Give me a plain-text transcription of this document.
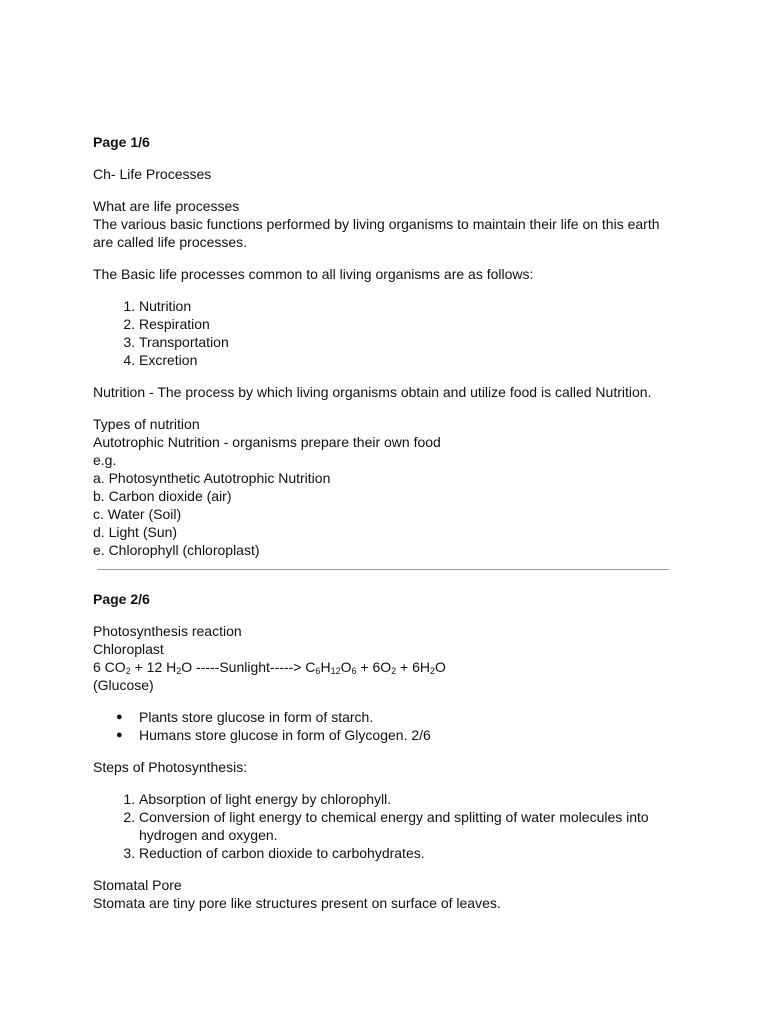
Page 1/6

Ch- Life Processes

What are life processes

The various basic functions performed by living organisms to maintain their life on this earth are called life processes.

The Basic life processes common to all living organisms are as follows:

1. Nutrition
2. Respiration
3. Transportation
4. Excretion

Nutrition - The process by which living organisms obtain and utilize food is called Nutrition.

Types of nutrition

Autotrophic Nutrition - organisms prepare their own food

e.g.

a. Photosynthetic Autotrophic Nutrition

b. Carbon dioxide (air)

c. Water (Soil)

d. Light (Sun)

e. Chlorophyll (chloroplast)

Page 2/6

Photosynthesis reaction

Chloroplast

6 $CO_2 + 12$ $H_2O$ -----Sunlight-----> $C_6H_{12}O_6 + 6O_2 + 6H_2O$

(Glucose)

● Plants store glucose in form of starch.
● Humans store glucose in form of Glycogen. 2/6

Steps of Photosynthesis:

1. Absorption of light energy by chlorophyll.
2. Conversion of light energy to chemical energy and splitting of water molecules into hydrogen and oxygen.
3. Reduction of carbon dioxide to carbohydrates.

Stomatal Pore

Stomata are tiny pore like structures present on surface of leaves.
